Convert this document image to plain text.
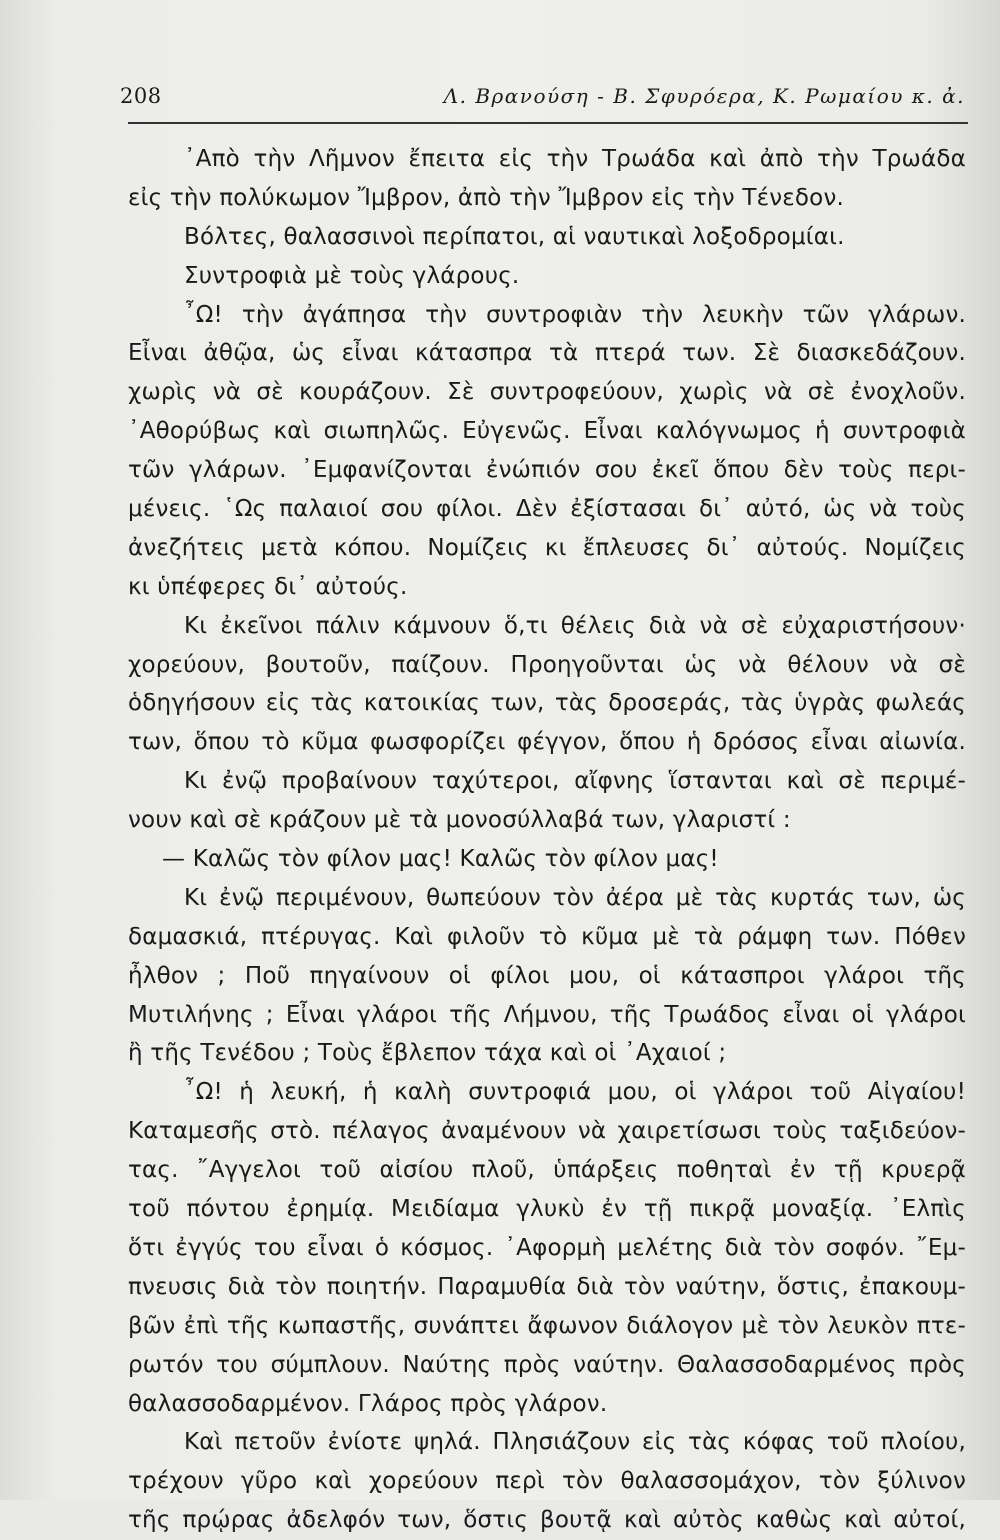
208	Λ. Βρανούση - Β. Σφυρόερα, Κ. Ρωμαίου κ. ἀ.
᾿Απὸ τὴν Λῆμνον ἔπειτα εἰς τὴν Τρωάδα καὶ ἀπὸ τὴν Τρωάδα
εἰς τὴν πολύκωμον Ἴμβρον, ἀπὸ τὴν Ἴμβρον εἰς τὴν Τένεδον.
Βόλτες, θαλασσινοὶ περίπατοι, αἱ ναυτικαὶ λοξοδρομίαι.
Συντροφιὰ μὲ τοὺς γλάρους.
῏Ω! τὴν ἀγάπησα τὴν συντροφιὰν τὴν λευκὴν τῶν γλάρων.
Εἶναι ἀθῷα, ὡς εἶναι κάτασπρα τὰ πτερά των. Σὲ διασκεδάζουν.
χωρὶς νὰ σὲ κουράζουν. Σὲ συντροφεύουν, χωρὶς νὰ σὲ ἐνοχλοῦν.
᾿Αθορύβως καὶ σιωπηλῶς. Εὐγενῶς. Εἶναι καλόγνωμος ἡ συντροφιὰ
τῶν γλάρων. ᾿Εμφανίζονται ἐνώπιόν σου ἐκεῖ ὅπου δὲν τοὺς περι-
μένεις. ῾Ως παλαιοί σου φίλοι. Δὲν ἐξίστασαι δι᾿ αὐτό, ὡς νὰ τοὺς
ἀνεζήτεις μετὰ κόπου. Νομίζεις κι ἔπλευσες δι᾿ αὐτούς. Νομίζεις
κι ὑπέφερες δι᾿ αὐτούς.
Κι ἐκεῖνοι πάλιν κάμνουν ὅ,τι θέλεις διὰ νὰ σὲ εὐχαριστήσουν·
χορεύουν, βουτοῦν, παίζουν. Προηγοῦνται ὡς νὰ θέλουν νὰ σὲ
ὁδηγήσουν εἰς τὰς κατοικίας των, τὰς δροσεράς, τὰς ὑγρὰς φωλεάς
των, ὅπου τὸ κῦμα φωσφορίζει φέγγον, ὅπου ἡ δρόσος εἶναι αἰωνία.
Κι ἐνῷ προβαίνουν ταχύτεροι, αἴφνης ἵστανται καὶ σὲ περιμέ-
νουν καὶ σὲ κράζουν μὲ τὰ μονοσύλλαβά των, γλαριστί :
— Καλῶς τὸν φίλον μας! Καλῶς τὸν φίλον μας!
Κι ἐνῷ περιμένουν, θωπεύουν τὸν ἀέρα μὲ τὰς κυρτάς των, ὡς
δαμασκιά, πτέρυγας. Καὶ φιλοῦν τὸ κῦμα μὲ τὰ ράμφη των. Πόθεν
ἦλθον ; Ποῦ πηγαίνουν οἱ φίλοι μου, οἱ κάτασπροι γλάροι τῆς
Μυτιλήνης ; Εἶναι γλάροι τῆς Λήμνου, τῆς Τρωάδος εἶναι οἱ γλάροι
ἢ τῆς Τενέδου ; Τοὺς ἔβλεπον τάχα καὶ οἱ ᾿Αχαιοί ;
῏Ω! ἡ λευκή, ἡ καλὴ συντροφιά μου, οἱ γλάροι τοῦ Αἰγαίου!
Καταμεσῆς στὸ. πέλαγος ἀναμένουν νὰ χαιρετίσωσι τοὺς ταξιδεύον-
τας. ῎Αγγελοι τοῦ αἰσίου πλοῦ, ὑπάρξεις ποθηταὶ ἐν τῇ κρυερᾷ
τοῦ πόντου ἐρημίᾳ. Μειδίαμα γλυκὺ ἐν τῇ πικρᾷ μοναξίᾳ. ᾿Ελπὶς
ὅτι ἐγγύς του εἶναι ὁ κόσμος. ᾿Αφορμὴ μελέτης διὰ τὸν σοφόν. ῎Εμ-
πνευσις διὰ τὸν ποιητήν. Παραμυθία διὰ τὸν ναύτην, ὅστις, ἐπακουμ-
βῶν ἐπὶ τῆς κωπαστῆς, συνάπτει ἄφωνον διάλογον μὲ τὸν λευκὸν πτε-
ρωτόν του σύμπλουν. Ναύτης πρὸς ναύτην. Θαλασσοδαρμένος πρὸς
θαλασσοδαρμένον. Γλάρος πρὸς γλάρον.
Καὶ πετοῦν ἐνίοτε ψηλά. Πλησιάζουν εἰς τὰς κόφας τοῦ πλοίου,
τρέχουν γῦρο καὶ χορεύουν περὶ τὸν θαλασσομάχον, τὸν ξύλινον
τῆς πρῴρας ἀδελφόν των, ὅστις βουτᾷ καὶ αὐτὸς καθὼς καὶ αὐτοί,
